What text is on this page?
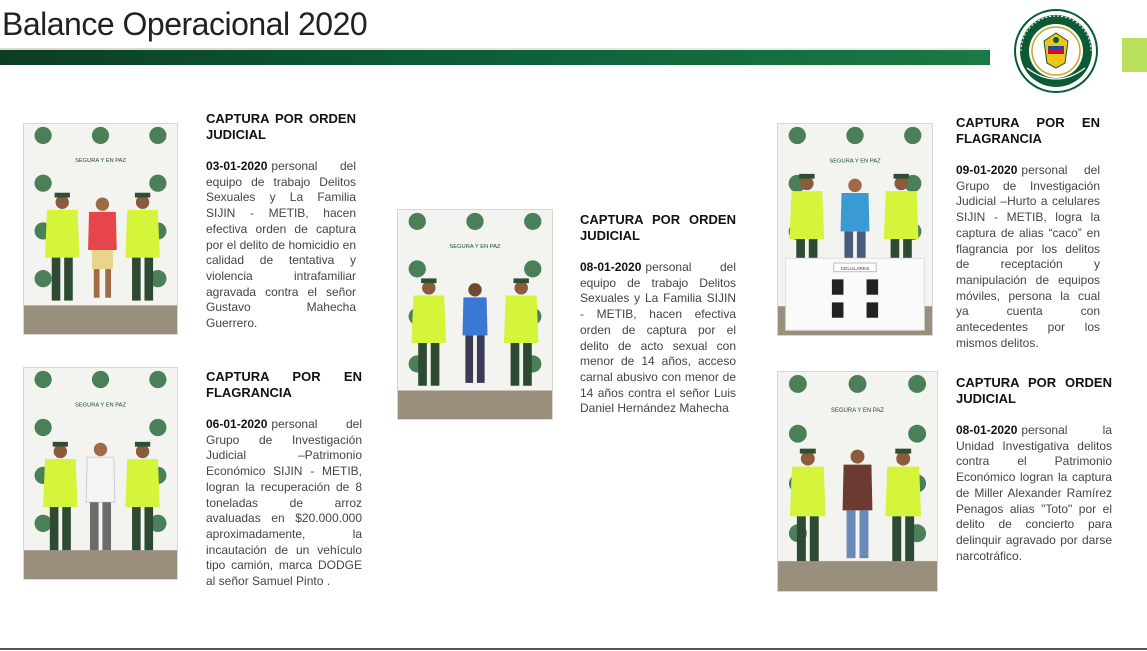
Balance Operacional 2020
SEGURA Y EN PAZ
SEGURA Y EN PAZ
SEGURA Y EN PAZ
SEGURA Y EN PAZ
CELULARES
SEGURA Y EN PAZ
CAPTURA POR ORDEN JUDICIAL
03-01-2020 personal del equipo de trabajo Delitos Sexuales y La Familia SIJIN - METIB, hacen efectiva orden de captura por el delito de homicidio en calidad de tentativa y violencia intrafamiliar agravada contra el señor Gustavo Mahecha Guerrero.
CAPTURA POR EN FLAGRANCIA
06-01-2020 personal del Grupo de Investigación Judicial –Patrimonio Económico SIJIN - METIB, logran la recuperación de 8 toneladas de arroz avaluadas en $20.000.000 aproximadamente, la incautación de un vehículo tipo camión, marca DODGE al señor Samuel Pinto .
CAPTURA POR ORDEN JUDICIAL
08-01-2020 personal del equipo de trabajo Delitos Sexuales y La Familia SIJIN - METIB, hacen efectiva orden de captura por el delito de acto sexual con menor de 14 años, acceso carnal abusivo con menor de 14 años contra el señor Luis Daniel Hernández Mahecha
CAPTURA POR EN FLAGRANCIA
09-01-2020 personal del Grupo de Investigación Judicial –Hurto a celulares SIJIN - METIB, logra la captura de alias “caco” en flagrancia por los delitos de receptación y manipulación de equipos móviles, persona la cual ya cuenta con antecedentes por los mismos delitos.
CAPTURA POR ORDEN JUDICIAL
08-01-2020 personal la Unidad Investigativa delitos contra el Patrimonio Económico logran la captura de Miller Alexander Ramírez Penagos alias "Toto" por el delito de concierto para delinquir agravado por darse narcotráfico.
